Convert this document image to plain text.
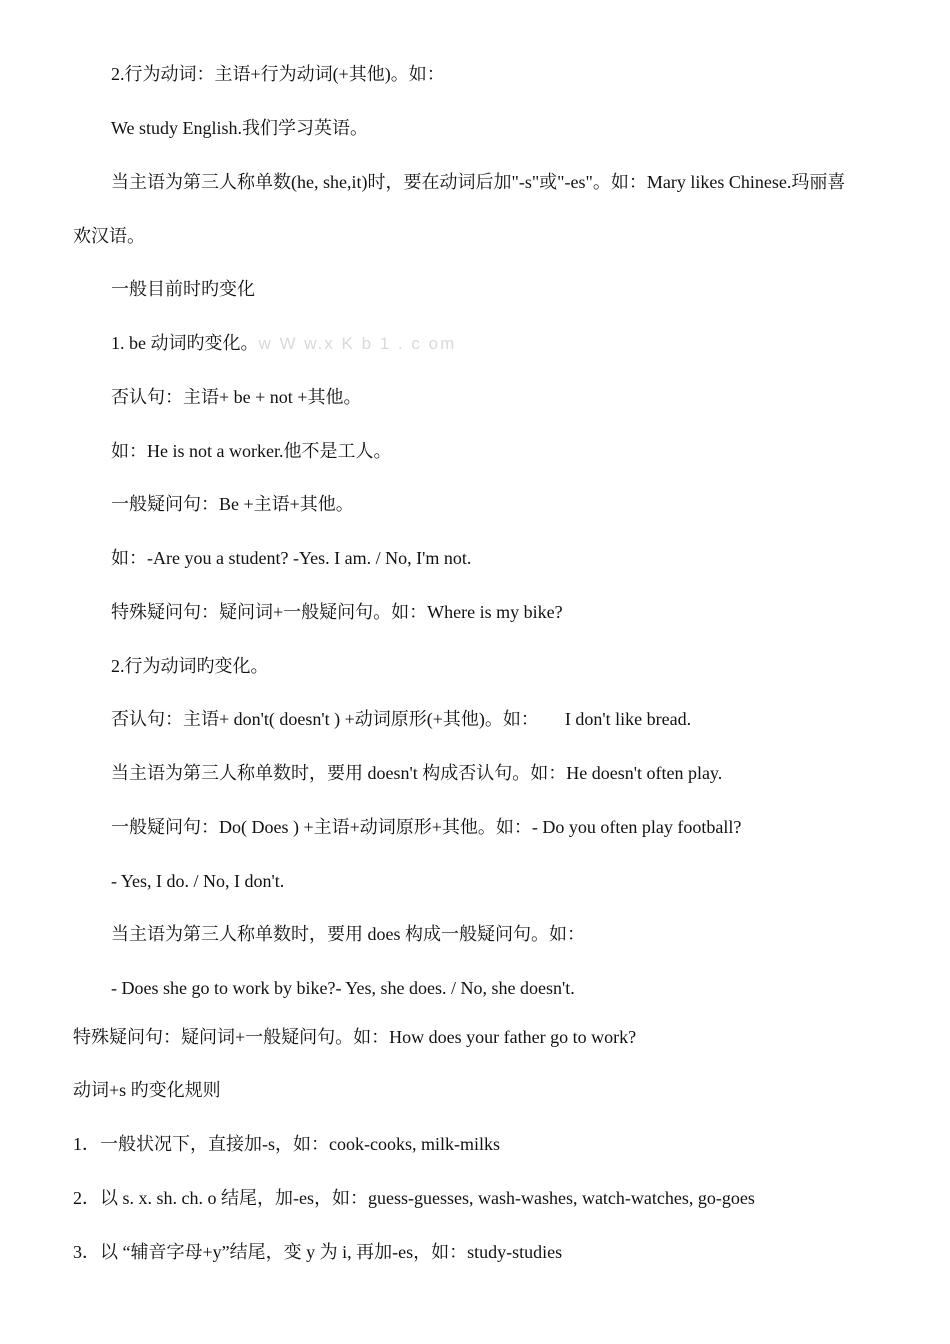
2.行为动词：主语+行为动词(+其他)。如：
We study English.我们学习英语。
当主语为第三人称单数(he, she,it)时，要在动词后加"-s"或"-es"。如：Mary likes Chinese.玛丽喜
欢汉语。
一般目前时旳变化
1. be 动词旳变化。w W w.x K b 1 . c om
否认句：主语+ be + not +其他。
如：He is not a worker.他不是工人。
一般疑问句：Be +主语+其他。
如：-Are you a student? -Yes. I am. / No, I'm not.
特殊疑问句：疑问词+一般疑问句。如：Where is my bike?
2.行为动词旳变化。
否认句：主语+ don't( doesn't ) +动词原形(+其他)。如： I don't like bread.
当主语为第三人称单数时，要用 doesn't 构成否认句。如：He doesn't often play.
一般疑问句：Do( Does ) +主语+动词原形+其他。如：- Do you often play football?
- Yes, I do. / No, I don't.
当主语为第三人称单数时，要用 does 构成一般疑问句。如：
- Does she go to work by bike?- Yes, she does. / No, she doesn't.
特殊疑问句：疑问词+一般疑问句。如：How does your father go to work?
动词+s 旳变化规则
1．一般状况下，直接加-s，如：cook-cooks, milk-milks
2．以 s. x. sh. ch. o 结尾，加-es，如：guess-guesses, wash-washes, watch-watches, go-goes
3．以 “辅音字母+y”结尾，变 y 为 i, 再加-es，如：study-studies
